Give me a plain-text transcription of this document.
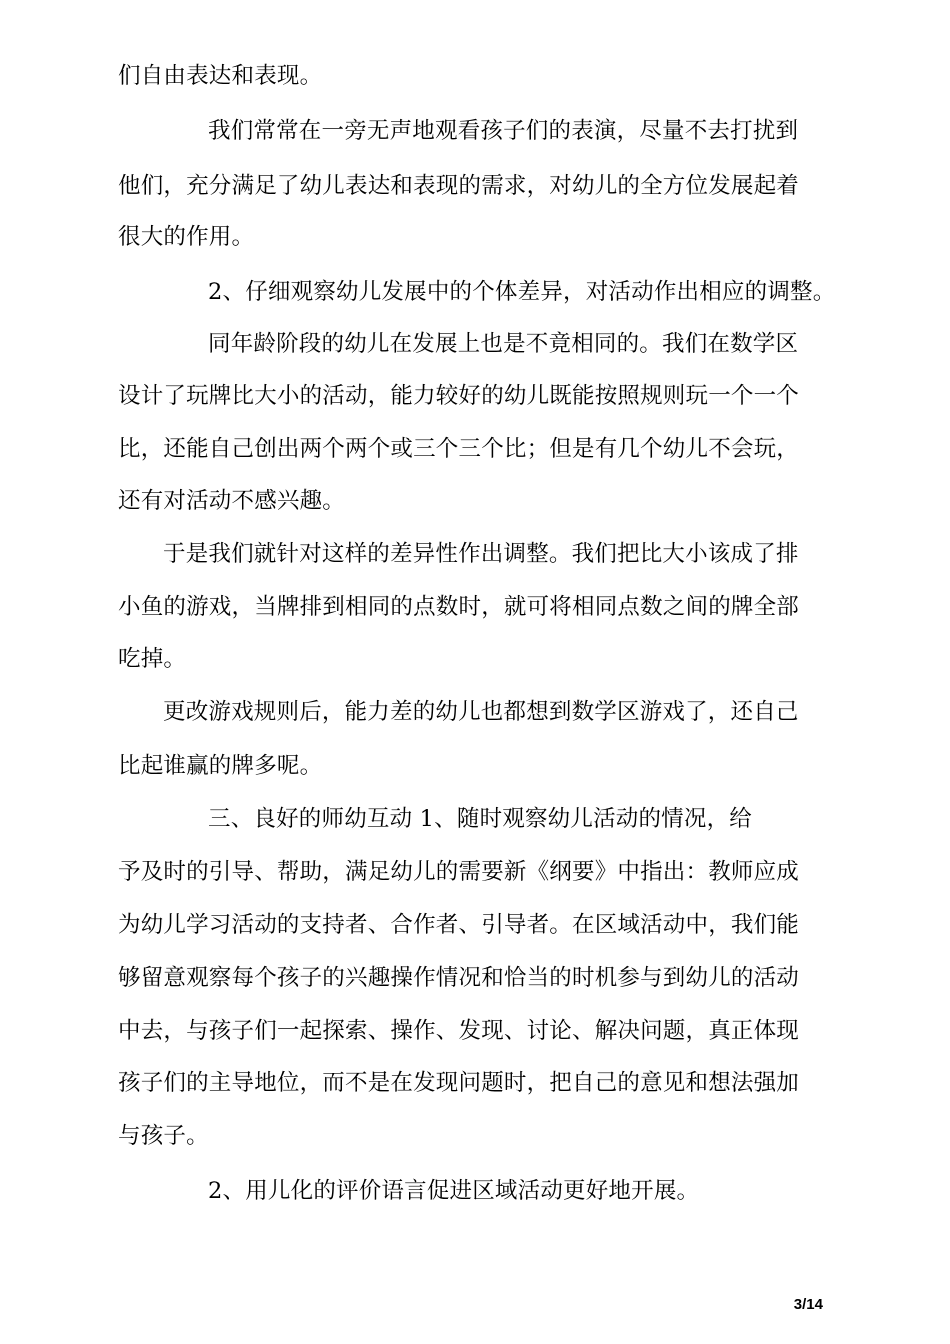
们自由表达和表现。
我们常常在一旁无声地观看孩子们的表演，尽量不去打扰到
他们，充分满足了幼儿表达和表现的需求，对幼儿的全方位发展起着
很大的作用。
2、仔细观察幼儿发展中的个体差异，对活动作出相应的调整。
同年龄阶段的幼儿在发展上也是不竟相同的。我们在数学区
设计了玩牌比大小的活动，能力较好的幼儿既能按照规则玩一个一个
比，还能自己创出两个两个或三个三个比；但是有几个幼儿不会玩，
还有对活动不感兴趣。
于是我们就针对这样的差异性作出调整。我们把比大小该成了排
小鱼的游戏，当牌排到相同的点数时，就可将相同点数之间的牌全部
吃掉。
更改游戏规则后，能力差的幼儿也都想到数学区游戏了，还自己
比起谁赢的牌多呢。
三、良好的师幼互动 1、随时观察幼儿活动的情况，给
予及时的引导、帮助，满足幼儿的需要新《纲要》中指出：教师应成
为幼儿学习活动的支持者、合作者、引导者。在区域活动中，我们能
够留意观察每个孩子的兴趣操作情况和恰当的时机参与到幼儿的活动
中去，与孩子们一起探索、操作、发现、讨论、解决问题，真正体现
孩子们的主导地位，而不是在发现问题时，把自己的意见和想法强加
与孩子。
2、用儿化的评价语言促进区域活动更好地开展。
3/14
